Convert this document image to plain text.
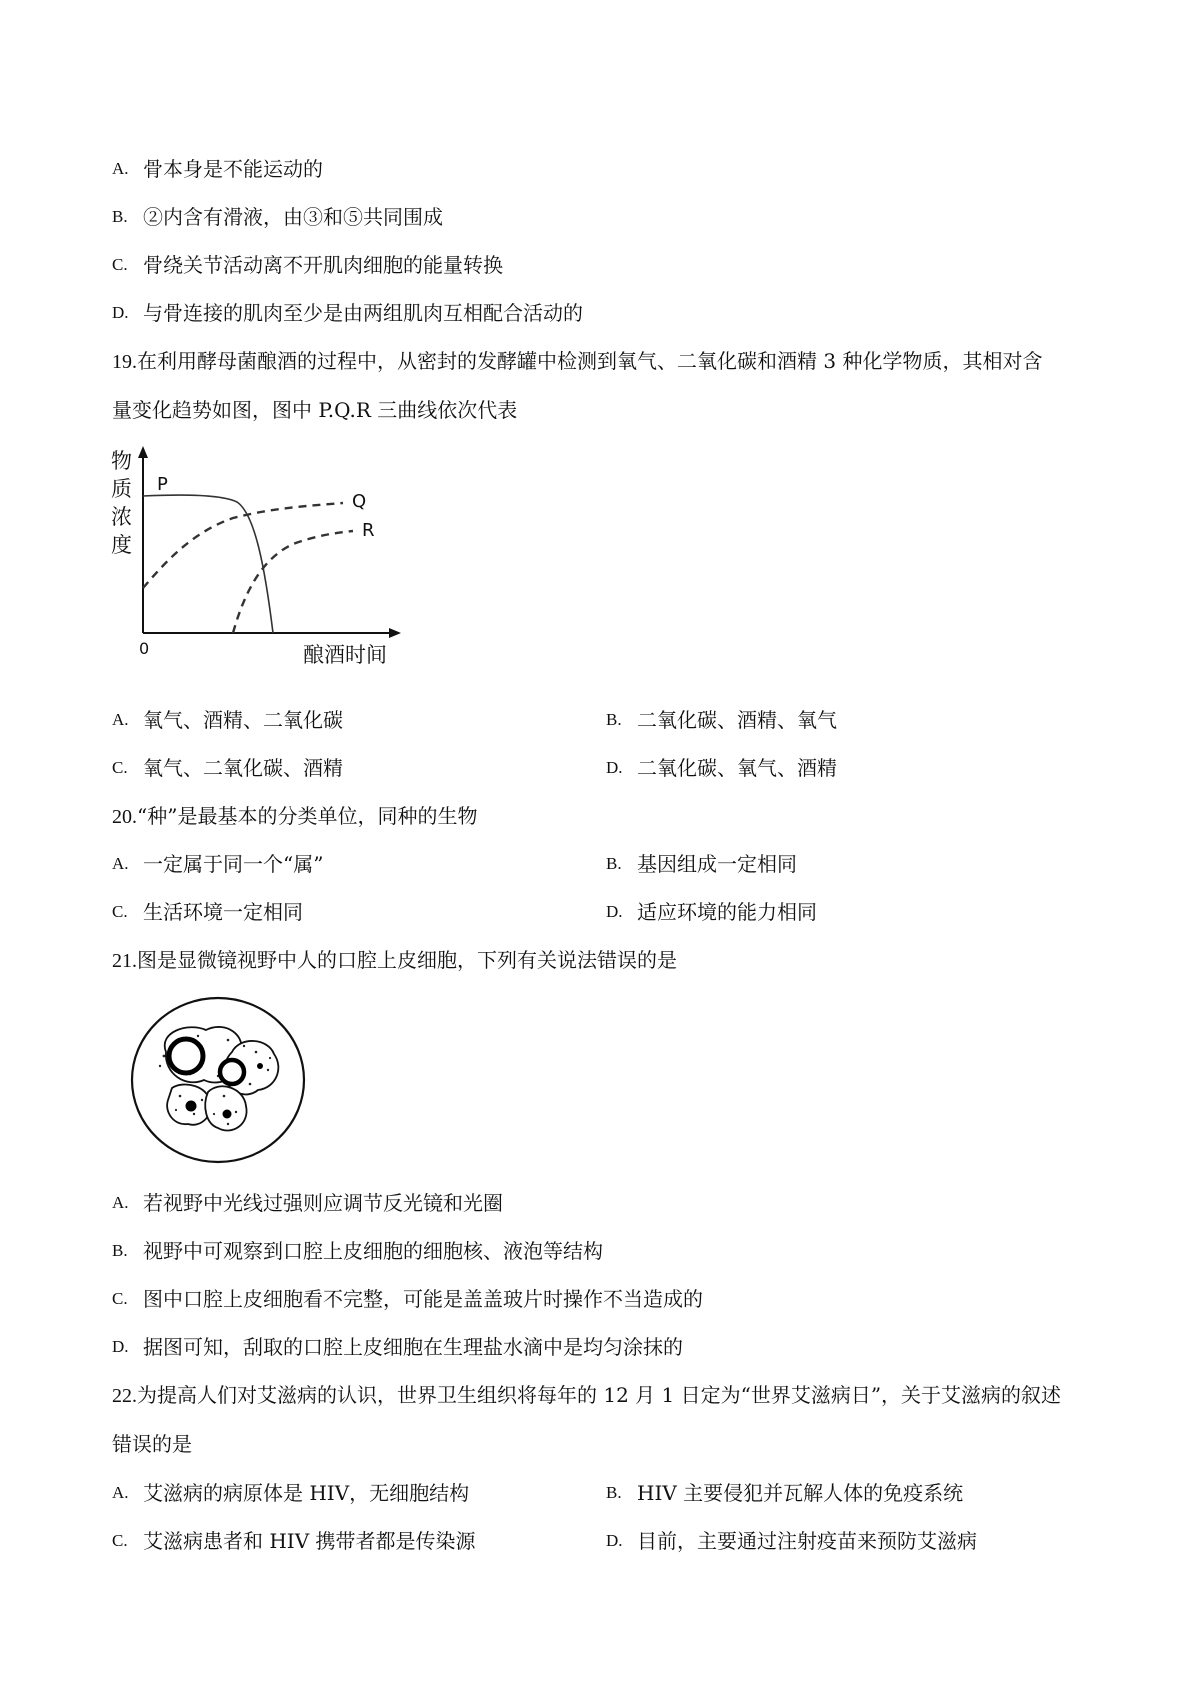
A. 骨本身是不能运动的
B. ②内含有滑液，由③和⑤共同围成
C. 骨绕关节活动离不开肌肉细胞的能量转换
D. 与骨连接的肌肉至少是由两组肌肉互相配合活动的
19.在利用酵母菌酿酒的过程中，从密封的发酵罐中检测到氧气、二氧化碳和酒精 3 种化学物质，其相对含
量变化趋势如图，图中 P.Q.R 三曲线依次代表
物
质
浓
度
0	酿酒时间
P
Q
R
A. 氧气、酒精、二氧化碳	B. 二氧化碳、酒精、氧气
C. 氧气、二氧化碳、酒精	D. 二氧化碳、氧气、酒精
20.“种”是最基本的分类单位，同种的生物
A. 一定属于同一个“属”	B. 基因组成一定相同
C. 生活环境一定相同	D. 适应环境的能力相同
21.图是显微镜视野中人的口腔上皮细胞，下列有关说法错误的是
A. 若视野中光线过强则应调节反光镜和光圈
B. 视野中可观察到口腔上皮细胞的细胞核、液泡等结构
C. 图中口腔上皮细胞看不完整，可能是盖盖玻片时操作不当造成的
D. 据图可知，刮取的口腔上皮细胞在生理盐水滴中是均匀涂抹的
22.为提高人们对艾滋病的认识，世界卫生组织将每年的 12 月 1 日定为“世界艾滋病日”，关于艾滋病的叙述
错误的是
A. 艾滋病的病原体是 HIV，无细胞结构	B. HIV 主要侵犯并瓦解人体的免疫系统
C. 艾滋病患者和 HIV 携带者都是传染源	D. 目前，主要通过注射疫苗来预防艾滋病
